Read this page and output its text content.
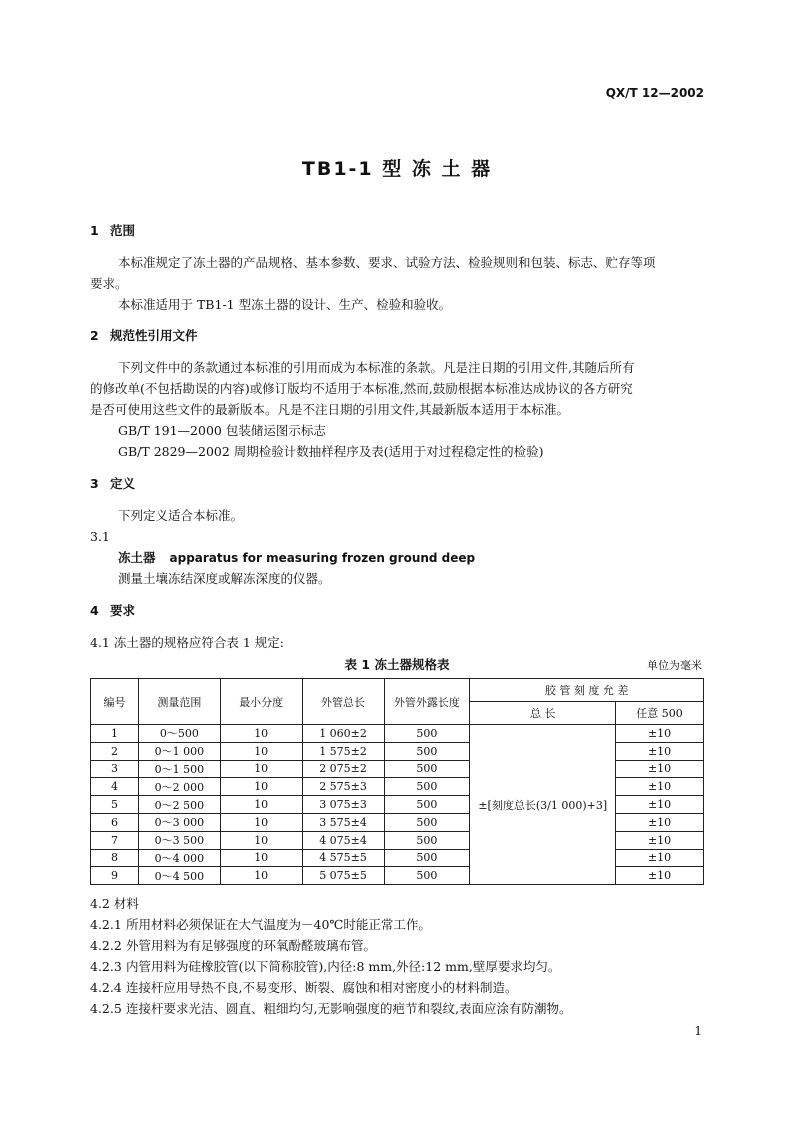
QX/T 12—2002
TB1-1 型 冻 土 器
1 范围
本标准规定了冻土器的产品规格、基本参数、要求、试验方法、检验规则和包装、标志、贮存等项
要求。
本标准适用于 TB1-1 型冻土器的设计、生产、检验和验收。
2 规范性引用文件
下列文件中的条款通过本标准的引用而成为本标准的条款。凡是注日期的引用文件,其随后所有
的修改单(不包括勘误的内容)或修订版均不适用于本标准,然而,鼓励根据本标准达成协议的各方研究
是否可使用这些文件的最新版本。凡是不注日期的引用文件,其最新版本适用于本标准。
GB/T 191—2000 包装储运图示标志
GB/T 2829—2002 周期检验计数抽样程序及表(适用于对过程稳定性的检验)
3 定义
下列定义适合本标准。
3.1
冻土器 apparatus for measuring frozen ground deep
测量土壤冻结深度或解冻深度的仪器。
4 要求
4.1 冻土器的规格应符合表 1 规定:
表 1 冻土器规格表	单位为毫米
编号	测量范围	最小分度	外管总长	外管外露长度	胶 管 刻 度 允 差	
					总 长	任意 500
1	0～500	10	1 060±2	500	±[刻度总长(3/1 000)+3]	±10
2	0～1 000	10	1 575±2	500		±10
3	0～1 500	10	2 075±2	500		±10
4	0～2 000	10	2 575±3	500		±10
5	0～2 500	10	3 075±3	500		±10
6	0～3 000	10	3 575±4	500		±10
7	0～3 500	10	4 075±4	500		±10
8	0～4 000	10	4 575±5	500		±10
9	0～4 500	10	5 075±5	500		±10
4.2 材料
4.2.1 所用材料必须保证在大气温度为－40℃时能正常工作。
4.2.2 外管用料为有足够强度的环氧酚醛玻璃布管。
4.2.3 内管用料为硅橡胶管(以下简称胶管),内径:8 mm,外径:12 mm,壁厚要求均匀。
4.2.4 连接杆应用导热不良,不易变形、断裂、腐蚀和相对密度小的材料制造。
4.2.5 连接杆要求光洁、圆直、粗细均匀,无影响强度的疤节和裂纹,表面应涂有防潮物。
1
